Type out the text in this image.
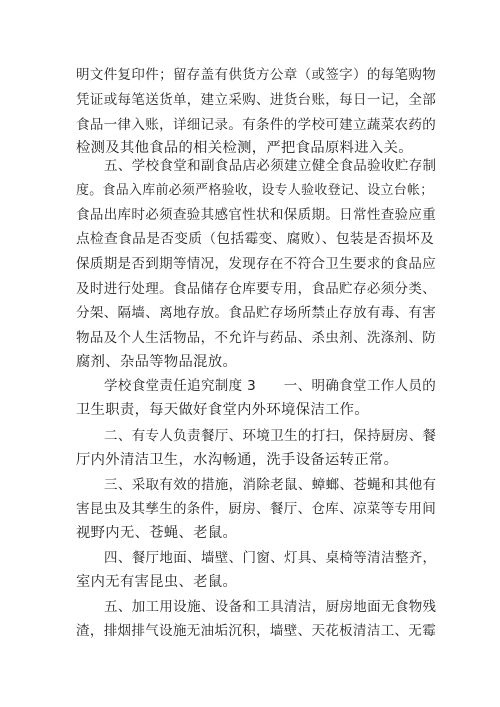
明文件复印件；留存盖有供货方公章（或签字）的每笔购物
凭证或每笔送货单，建立采购、进货台账，每日一记，全部
食品一律入账，详细记录。有条件的学校可建立蔬菜农药的
检测及其他食品的相关检测，严把食品原料进入关。
五、学校食堂和副食品店必须建立健全食品验收贮存制
度。食品入库前必须严格验收，设专人验收登记、设立台帐；
食品出库时必须查验其感官性状和保质期。日常性查验应重
点检查食品是否变质（包括霉变、腐败）、包装是否损坏及
保质期是否到期等情况，发现存在不符合卫生要求的食品应
及时进行处理。食品储存仓库要专用，食品贮存必须分类、
分架、隔墙、离地存放。食品贮存场所禁止存放有毒、有害
物品及个人生活物品，不允许与药品、杀虫剂、洗涤剂、防
腐剂、杂品等物品混放。
学校食堂责任追究制度 3　　一、明确食堂工作人员的
卫生职责，每天做好食堂内外环境保洁工作。
二、有专人负责餐厅、环境卫生的打扫，保持厨房、餐
厅内外清洁卫生，水沟畅通，洗手设备运转正常。
三、采取有效的措施，消除老鼠、蟑螂、苍蝇和其他有
害昆虫及其孳生的条件，厨房、餐厅、仓库、凉菜等专用间
视野内无、苍蝇、老鼠。
四、餐厅地面、墙壁、门窗、灯具、桌椅等清洁整齐，
室内无有害昆虫、老鼠。
五、加工用设施、设备和工具清洁，厨房地面无食物残
渣，排烟排气设施无油垢沉积，墙壁、天花板清洁工、无霉
